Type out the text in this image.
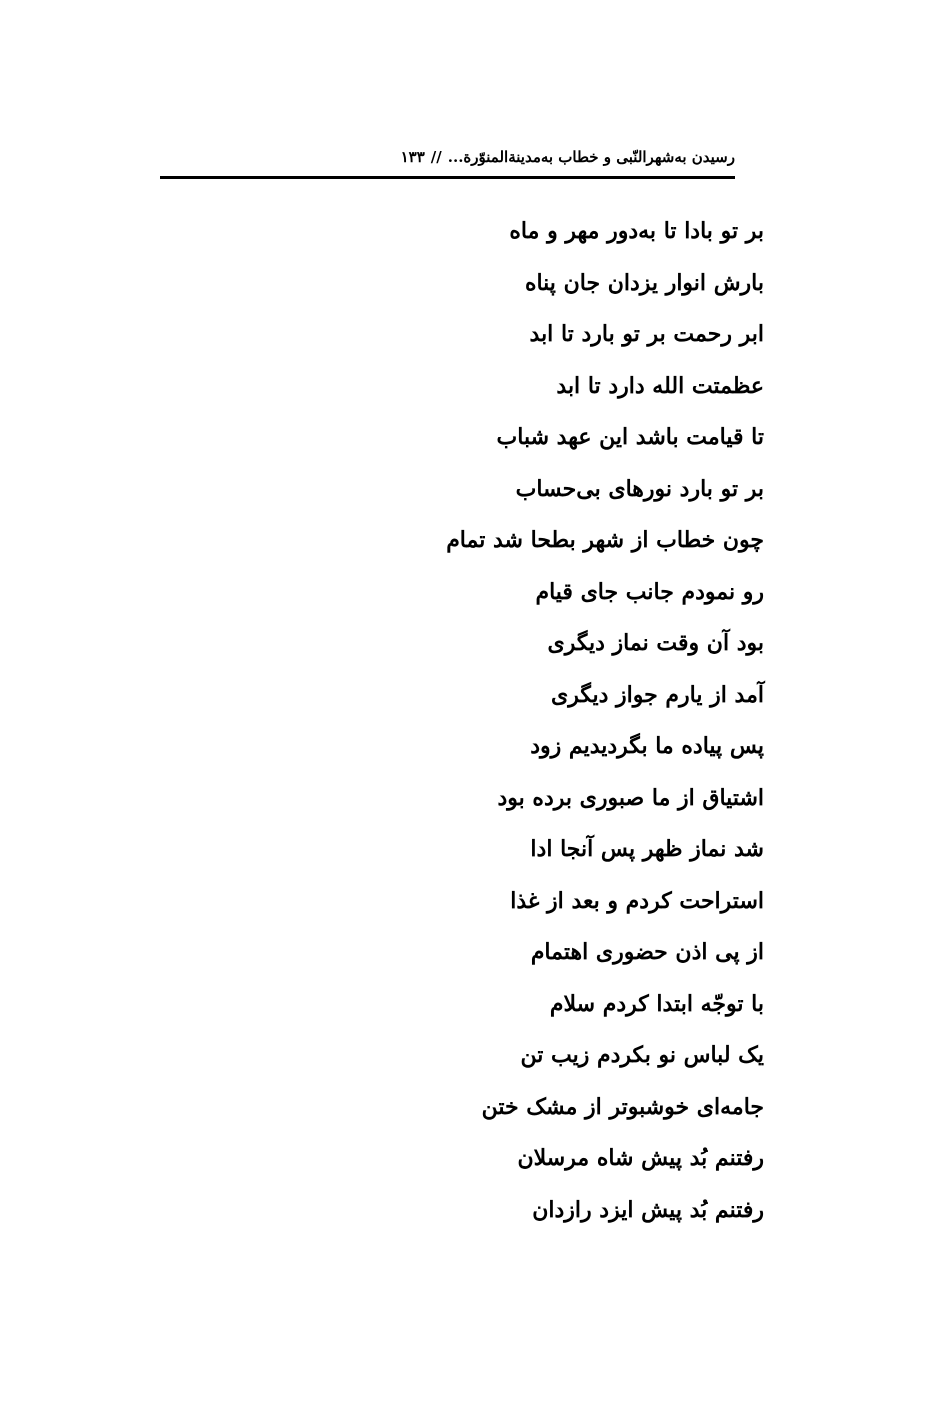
رسیدن به‌شهرالنّبی و خطاب به‌مدینةالمنوّرة...
//
۱۳۳
بر تو بادا تا به‌دور مهر و ماه
بارش انوار یزدان جان پناه
ابر رحمت بر تو بارد تا ابد
عظمتت الله دارد تا ابد
تا قیامت باشد این عهد شباب
بر تو بارد نورهای بی‌حساب
چون خطاب از شهر بطحا شد تمام
رو نمودم جانب جای قیام
بود آن وقت نماز دیگری
آمد از یارم جواز دیگری
پس پیاده ما بگردیدیم زود
اشتیاق از ما صبوری برده بود
شد نماز ظهر پس آنجا ادا
استراحت کردم و بعد از غذا
از پی اذن حضوری اهتمام
با توجّه ابتدا کردم سلام
یک لباس نو بکردم زیب تن
جامه‌ای خوشبوتر از مشک ختن
رفتنم بُد پیش شاه مرسلان
رفتنم بُد پیش ایزد رازدان
